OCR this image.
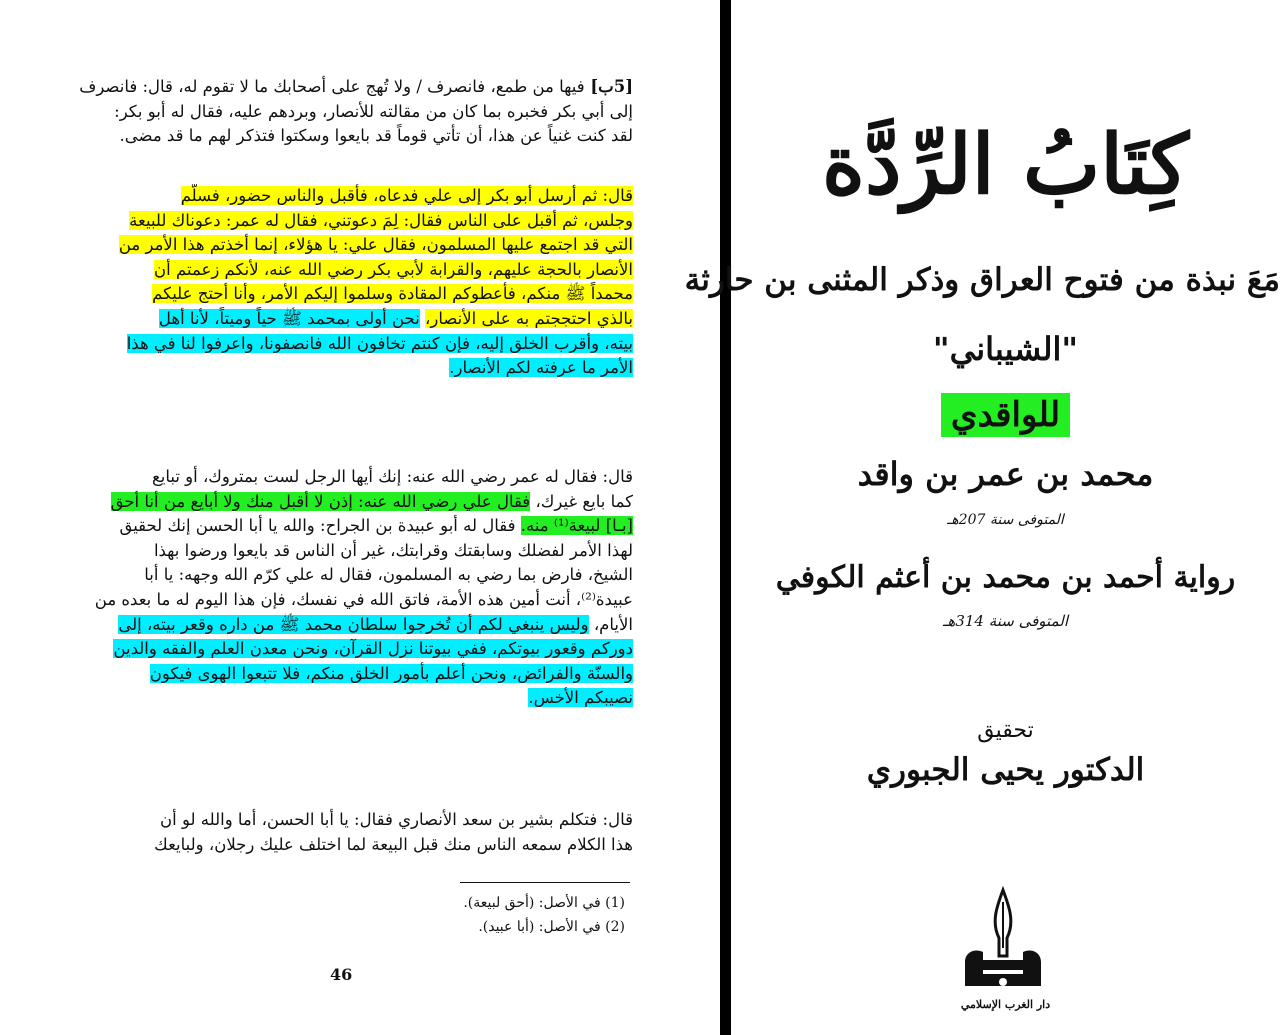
[5ب] فيها من طمع، فانصرف / ولا تُهج على أصحابك ما لا تقوم له، قال: فانصرف
إلى أبي بكر فخبره بما كان من مقالته للأنصار، وبردهم عليه، فقال له أبو بكر:
لقد كنت غنياً عن هذا، أن تأتي قوماً قد بايعوا وسكتوا فتذكر لهم ما قد مضى.
قال: ثم أرسل أبو بكر إلى علي فدعاه، فأقبل والناس حضور، فسلّم
وجلس، ثم أقبل على الناس فقال: لِمَ دعوتني، فقال له عمر: دعوناك للبيعة
التي قد اجتمع عليها المسلمون، فقال علي: يا هؤلاء، إنما أخذتم هذا الأمر من
الأنصار بالحجة عليهم، والقرابة لأبي بكر رضي الله عنه، لأنكم زعمتم أن
محمداً ﷺ منكم، فأعطوكم المقادة وسلموا إليكم الأمر، وأنا أحتج عليكم
بالذي احتججتم به على الأنصار، نحن أولى بمحمد ﷺ حياً وميتاً، لأنا أهل
بيته، وأقرب الخلق إليه، فإن كنتم تخافون الله فانصفونا، واعرفوا لنا في هذا
الأمر ما عرفته لكم الأنصار.
قال: فقال له عمر رضي الله عنه: إنك أيها الرجل لست بمتروك، أو تبايع
كما بايع غيرك، فقال علي رضي الله عنه: إذن لا أقبل منك ولا أبايع من أنا أحق
[بـا] لبيعة⁽¹⁾ منه. فقال له أبو عبيدة بن الجراح: والله يا أبا الحسن إنك لحقيق
لهذا الأمر لفضلك وسابقتك وقرابتك، غير أن الناس قد بايعوا ورضوا بهذا
الشيخ، فارض بما رضي به المسلمون، فقال له علي كرّم الله وجهه: يا أبا
عبيدة⁽²⁾، أنت أمين هذه الأمة، فاتق الله في نفسك، فإن هذا اليوم له ما بعده من
الأيام، وليس ينبغي لكم أن تُخرجوا سلطان محمد ﷺ من داره وقعر بيته، إلى
دوركم وقعور بيوتكم، ففي بيوتنا نزل القرآن، ونحن معدن العلم والفقه والدين
والسنّة والفرائض، ونحن أعلم بأمور الخلق منكم، فلا تتبعوا الهوى فيكون
نصيبكم الأخس.
قال: فتكلم بشير بن سعد الأنصاري فقال: يا أبا الحسن، أما والله لو أن
هذا الكلام سمعه الناس منك قبل البيعة لما اختلف عليك رجلان، ولبايعك
(1) في الأصل: (أحق لبيعة).
(2) في الأصل: (أبا عبيد).
46
كِتَابُ الرِّدَّة
مَعَ نبذة من فتوح العراق وذكر المثنى بن حارثة
"الشيباني"
للواقدي
محمد بن عمر بن واقد
المتوفى سنة 207هـ
رواية أحمد بن محمد بن أعثم الكوفي
المتوفى سنة 314هـ
تحقيق
الدكتور يحيى الجبوري
دار الغرب الإسلامي
